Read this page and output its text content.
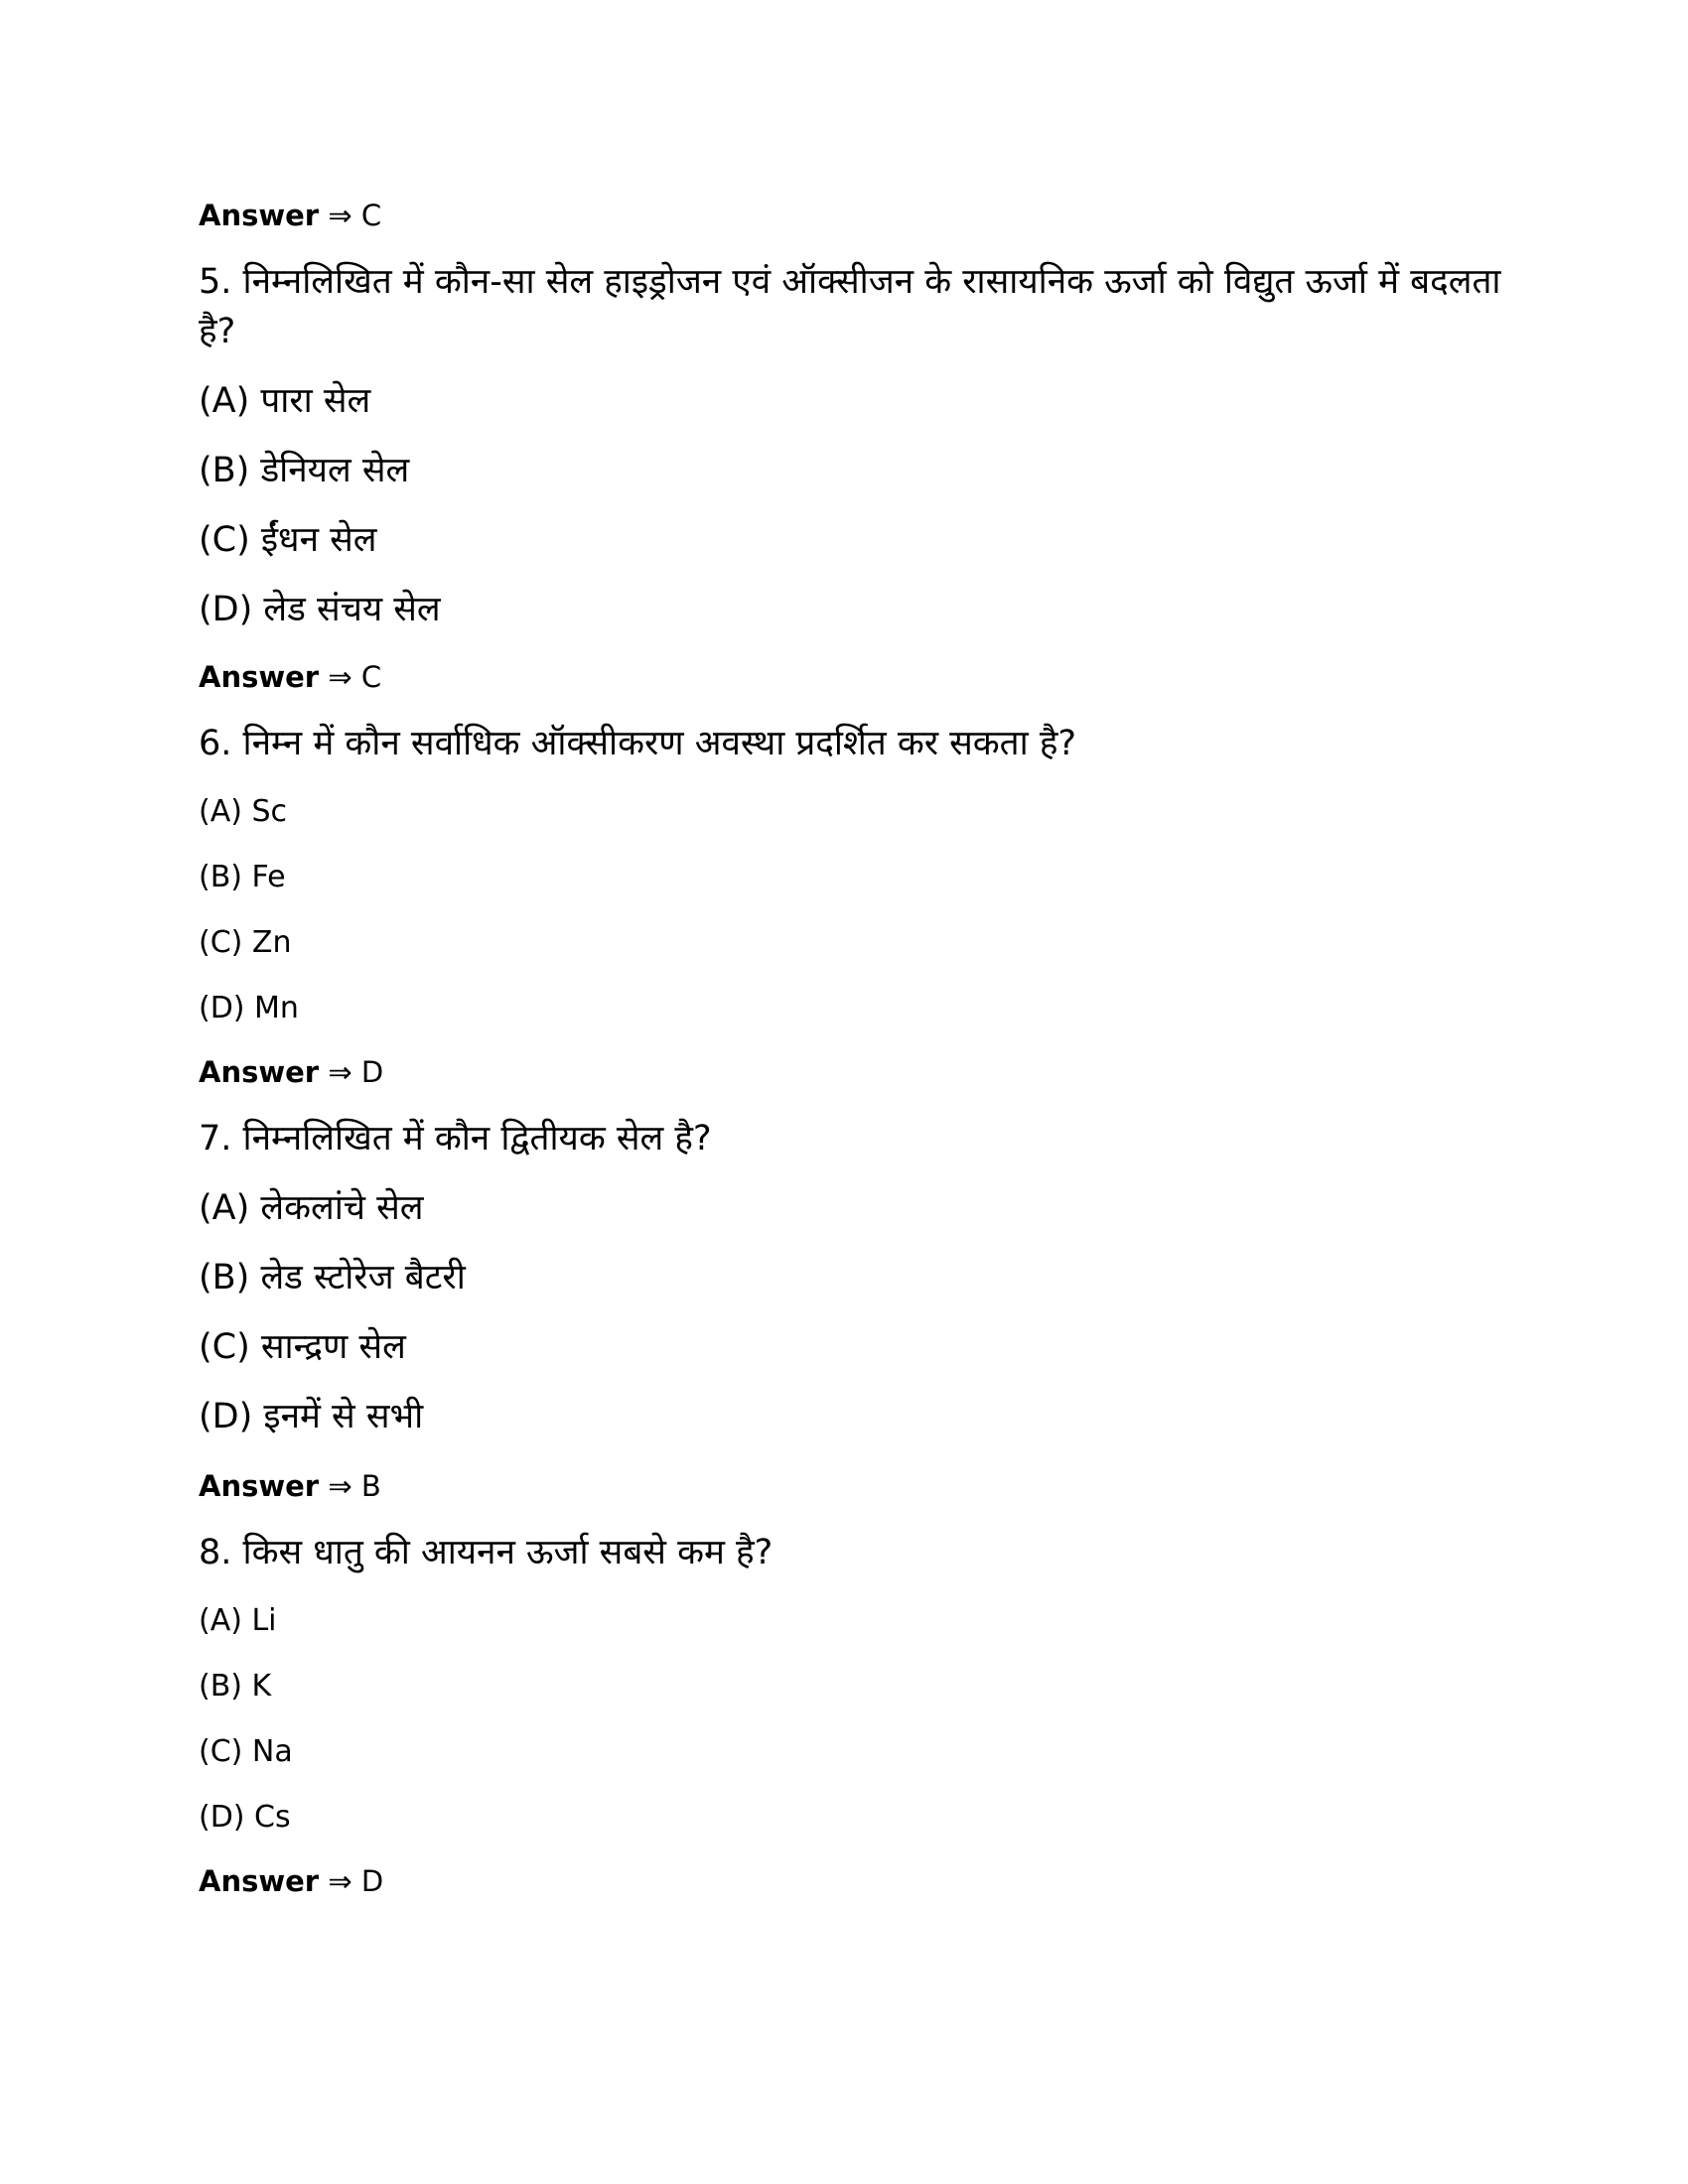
Answer ⇒ C
5. निम्नलिखित में कौन-सा सेल हाइड्रोजन एवं ऑक्सीजन के रासायनिक ऊर्जा को विद्युत ऊर्जा में बदलता
है?
(A) पारा सेल
(B) डेनियल सेल
(C) ईंधन सेल
(D) लेड संचय सेल
Answer ⇒ C
6. निम्न में कौन सर्वाधिक ऑक्सीकरण अवस्था प्रदर्शित कर सकता है?
(A) Sc
(B) Fe
(C) Zn
(D) Mn
Answer ⇒ D
7. निम्नलिखित में कौन द्वितीयक सेल है?
(A) लेकलांचे सेल
(B) लेड स्टोरेज बैटरी
(C) सान्द्रण सेल
(D) इनमें से सभी
Answer ⇒ B
8. किस धातु की आयनन ऊर्जा सबसे कम है?
(A) Li
(B) K
(C) Na
(D) Cs
Answer ⇒ D
